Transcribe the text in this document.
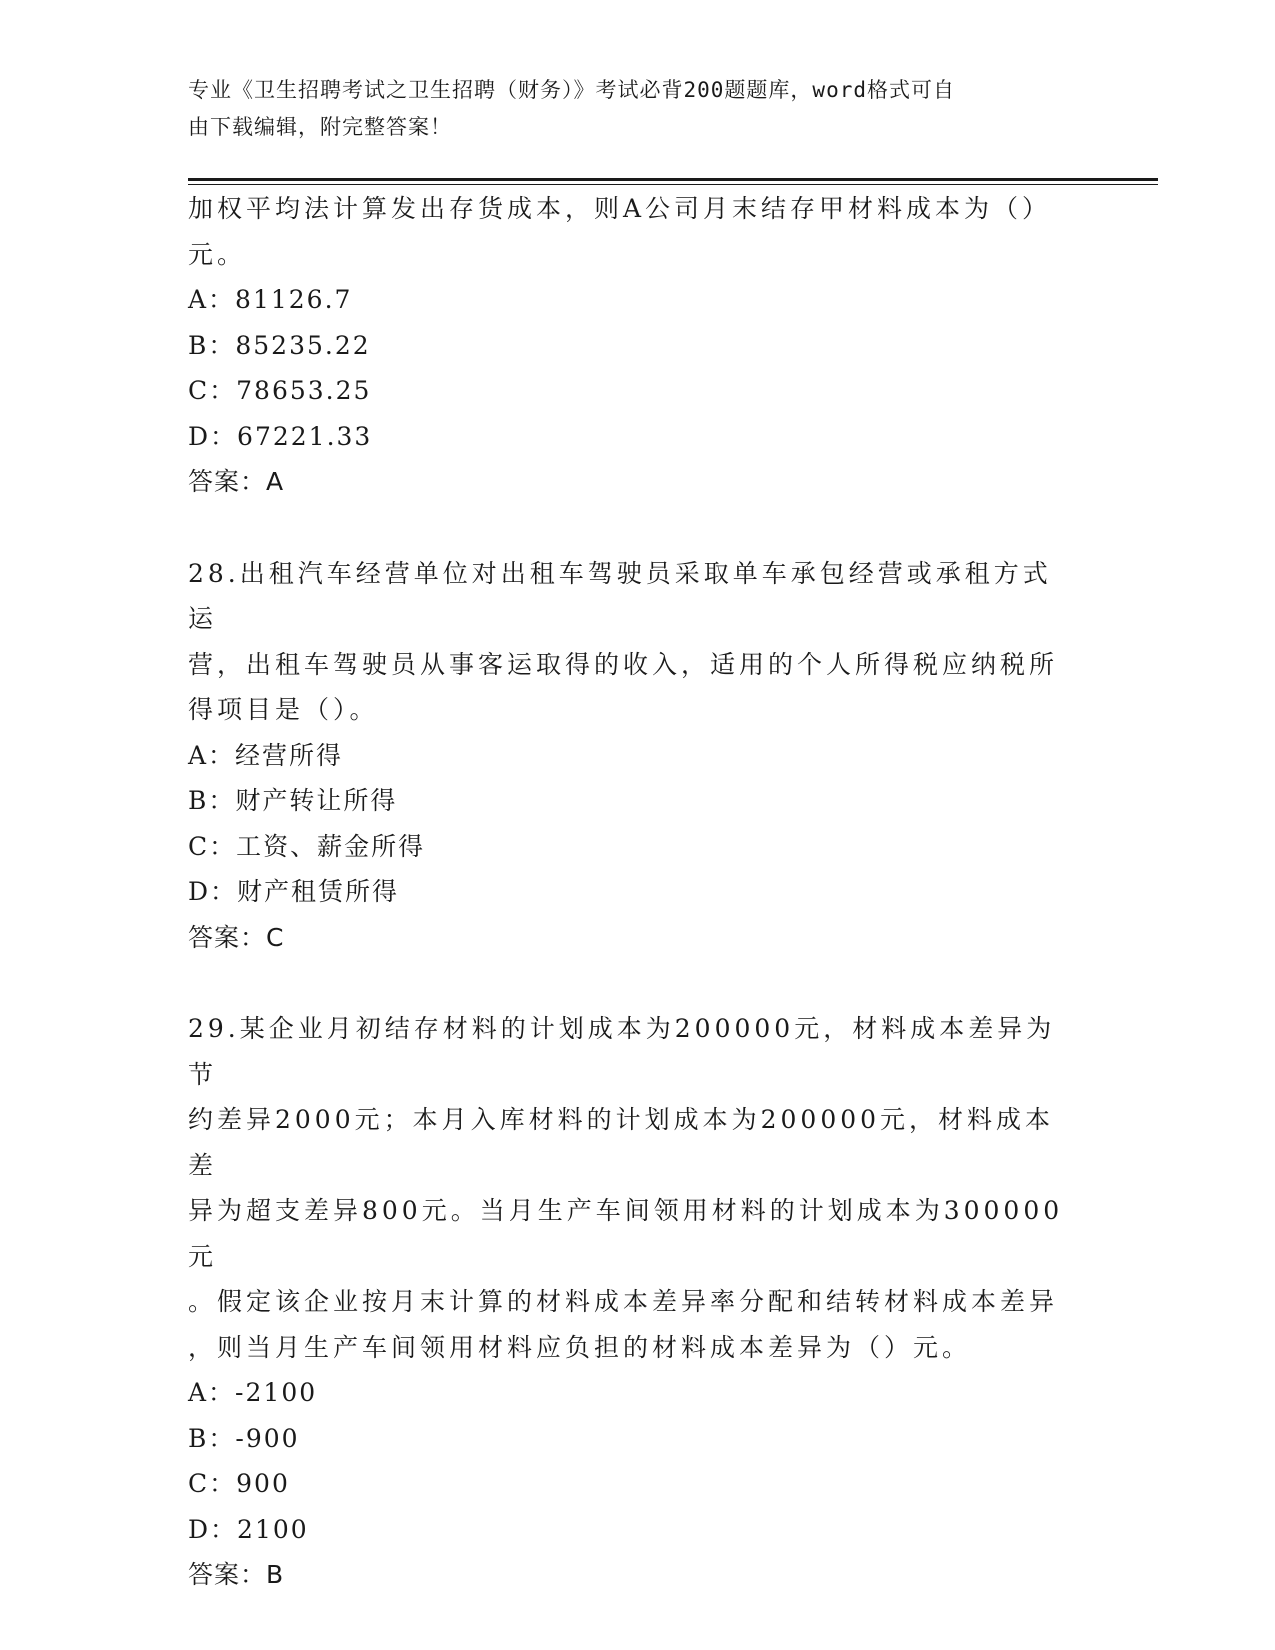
专业《卫生招聘考试之卫生招聘（财务）》考试必背200题题库，word格式可自
由下载编辑，附完整答案！

加权平均法计算发出存货成本，则A公司月末结存甲材料成本为（）

元。

A：81126.7

B：85235.22

C：78653.25

D：67221.33

答案：A

28.出租汽车经营单位对出租车驾驶员采取单车承包经营或承租方式运

营，出租车驾驶员从事客运取得的收入，适用的个人所得税应纳税所

得项目是（）。

A：经营所得

B：财产转让所得

C：工资、薪金所得

D：财产租赁所得

答案：C

29.某企业月初结存材料的计划成本为200000元，材料成本差异为节

约差异2000元；本月入库材料的计划成本为200000元，材料成本差

异为超支差异800元。当月生产车间领用材料的计划成本为300000元

。假定该企业按月末计算的材料成本差异率分配和结转材料成本差异

，则当月生产车间领用材料应负担的材料成本差异为（）元。

A：-2100

B：-900

C：900

D：2100

答案：B
